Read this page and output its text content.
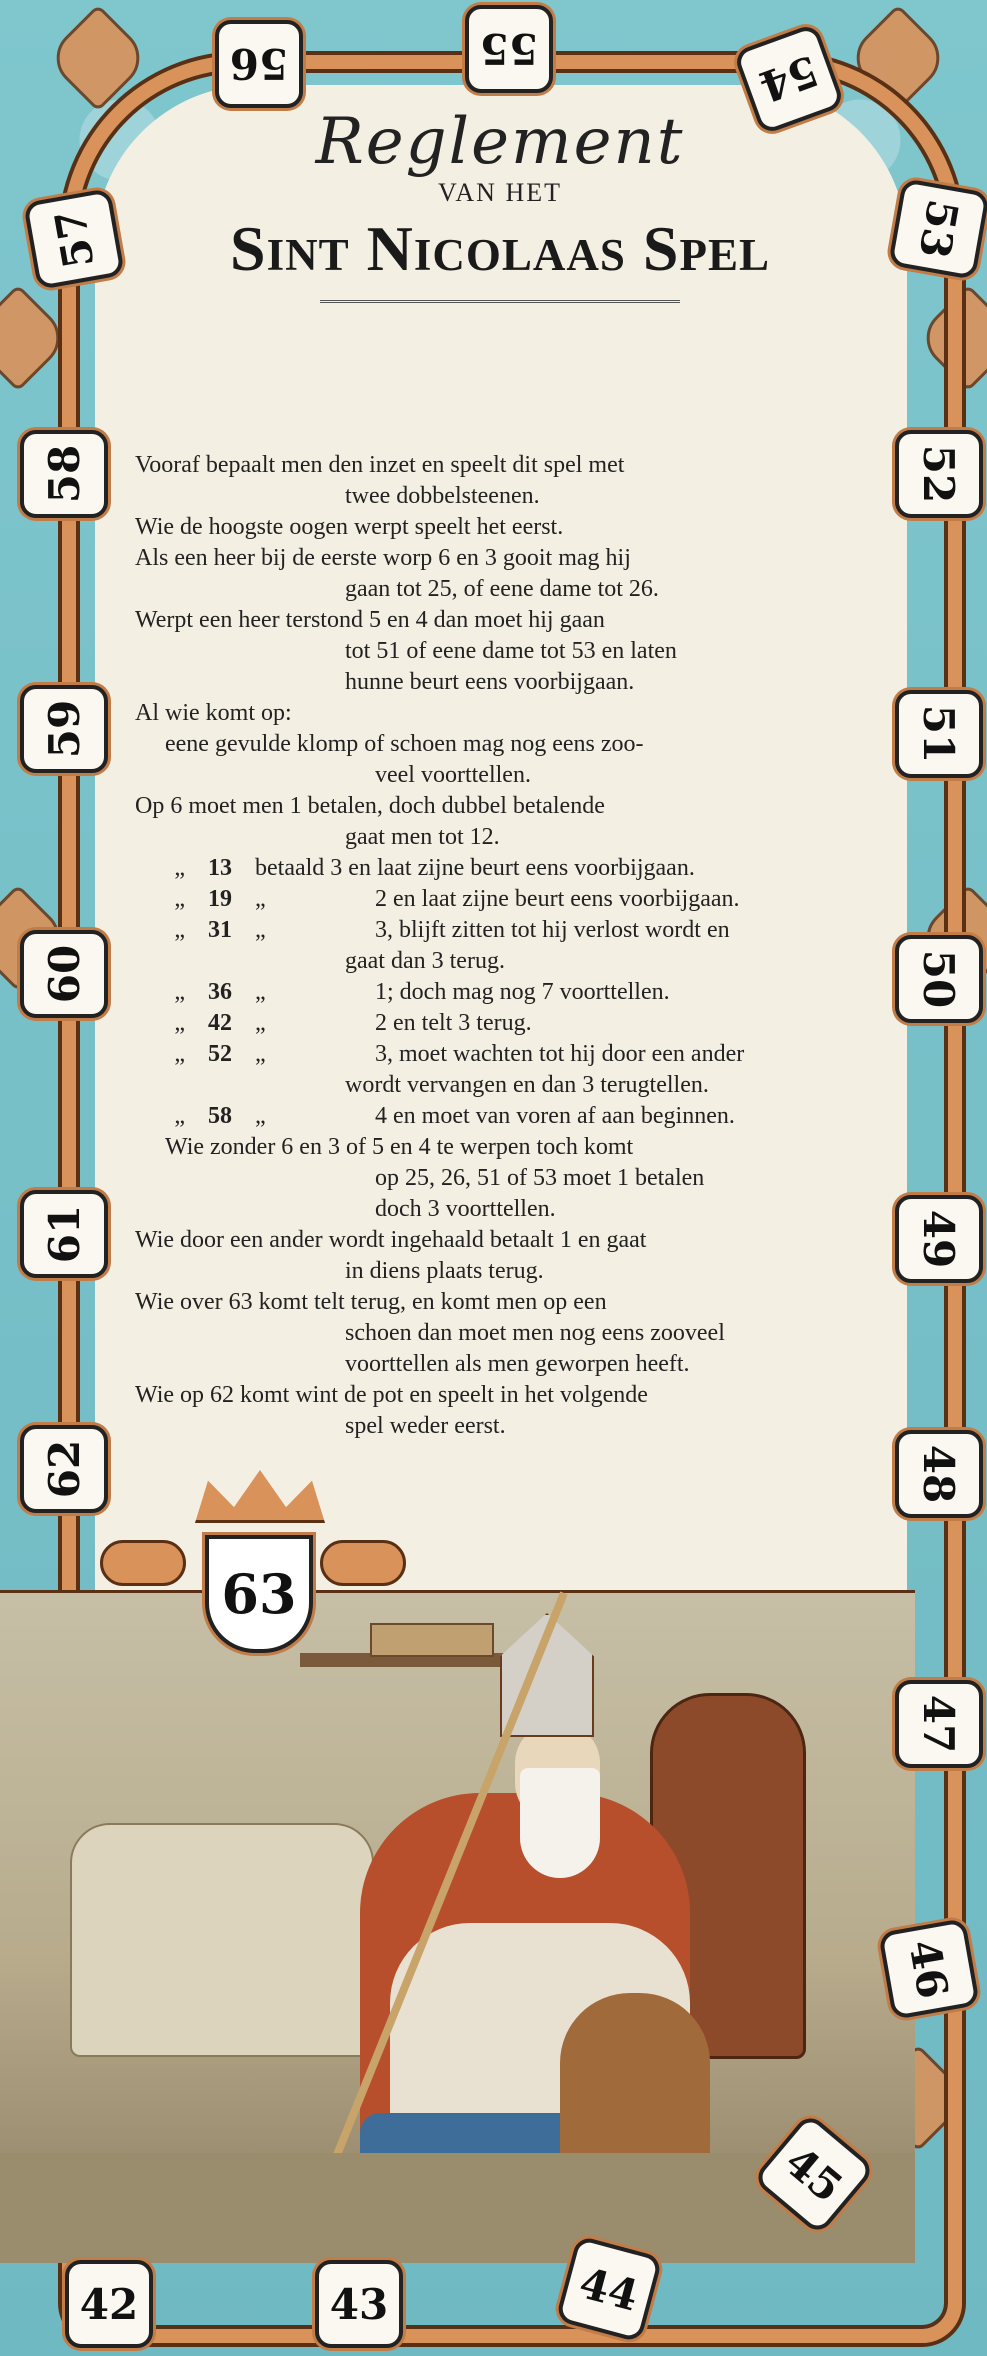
Reglement
VAN HET
Sint Nicolaas Spel

Vooraf bepaalt men den inzet en speelt dit spel met
twee dobbelsteenen.

Wie de hoogste oogen werpt speelt het eerst.

Als een heer bij de eerste worp 6 en 3 gooit mag hij
gaan tot 25, of eene dame tot 26.

Werpt een heer terstond 5 en 4 dan moet hij gaan
tot 51 of eene dame tot 53 en laten
hunne beurt eens voorbijgaan.

Al wie komt op:

eene gevulde klomp of schoen mag nog eens zoo-
veel voorttellen.

Op 6 moet men 1 betalen, doch dubbel betalende
gaat men tot 12.

„ 13 betaald 3 en laat zijne beurt eens voorbijgaan.

„ 19 „	2 en laat zijne beurt eens voorbijgaan.

„ 31 „	3, blijft zitten tot hij verlost wordt en
gaat dan 3 terug.

„ 36 „	1; doch mag nog 7 voorttellen.

„ 42 „	2 en telt 3 terug.

„ 52 „	3, moet wachten tot hij door een ander
wordt vervangen en dan 3 terugtellen.

„ 58 „	4 en moet van voren af aan beginnen.

Wie zonder 6 en 3 of 5 en 4 te werpen toch komt
op 25, 26, 51 of 53 moet 1 betalen
doch 3 voorttellen.

Wie door een ander wordt ingehaald betaalt 1 en gaat
in diens plaats terug.

Wie over 63 komt telt terug, en komt men op een
schoen dan moet men nog eens zooveel
voorttellen als men geworpen heeft.

Wie op 62 komt wint de pot en speelt in het volgende
spel weder eerst.

56	55	54
53
52
51
50
49
48
47
46
45
44
43
42
57
58
59
60
61
62
63
